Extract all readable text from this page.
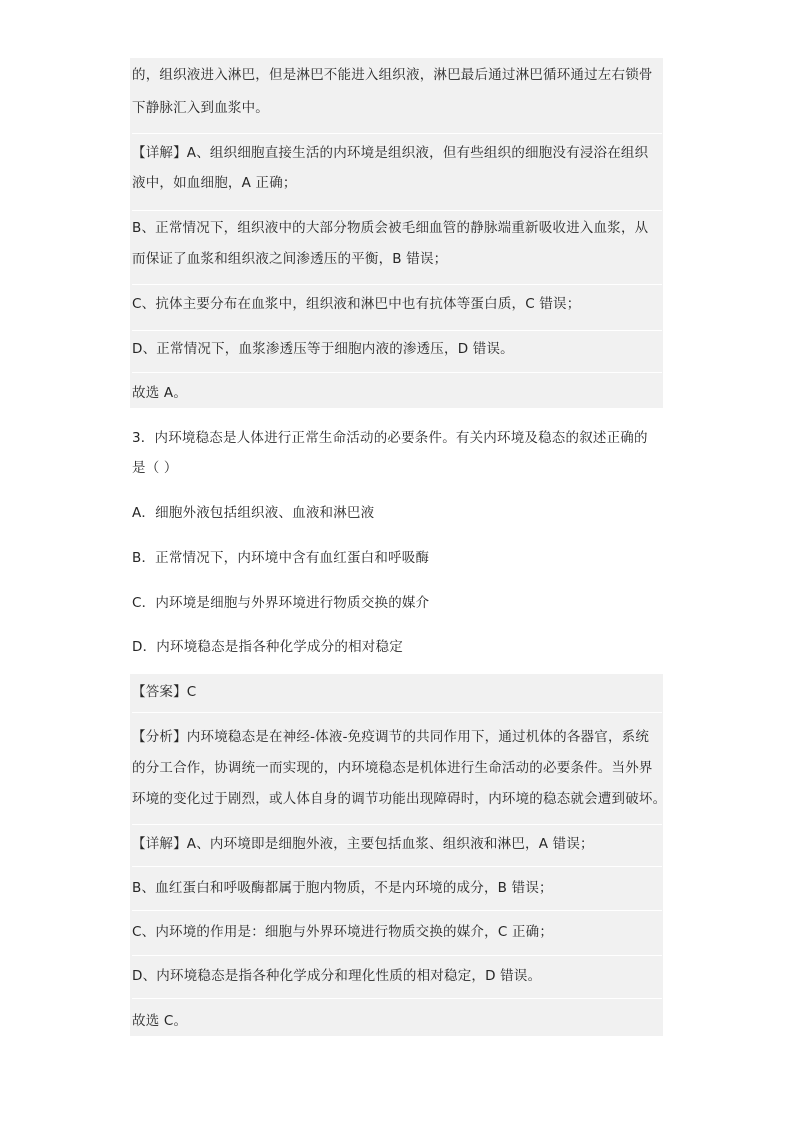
的，组织液进入淋巴，但是淋巴不能进入组织液，淋巴最后通过淋巴循环通过左右锁骨
下静脉汇入到血浆中。
【详解】A、组织细胞直接生活的内环境是组织液，但有些组织的细胞没有浸浴在组织
液中，如血细胞，A 正确；
B、正常情况下，组织液中的大部分物质会被毛细血管的静脉端重新吸收进入血浆，从
而保证了血浆和组织液之间渗透压的平衡，B 错误；
C、抗体主要分布在血浆中，组织液和淋巴中也有抗体等蛋白质，C 错误；
D、正常情况下，血浆渗透压等于细胞内液的渗透压，D 错误。
故选 A。
3．内环境稳态是人体进行正常生命活动的必要条件。有关内环境及稳态的叙述正确的
是（ ）
A．细胞外液包括组织液、血液和淋巴液
B．正常情况下，内环境中含有血红蛋白和呼吸酶
C．内环境是细胞与外界环境进行物质交换的媒介
D．内环境稳态是指各种化学成分的相对稳定
【答案】C
【分析】内环境稳态是在神经-体液-免疫调节的共同作用下，通过机体的各器官，系统
的分工合作，协调统一而实现的，内环境稳态是机体进行生命活动的必要条件。当外界
环境的变化过于剧烈，或人体自身的调节功能出现障碍时，内环境的稳态就会遭到破坏。
【详解】A、内环境即是细胞外液，主要包括血浆、组织液和淋巴，A 错误；
B、血红蛋白和呼吸酶都属于胞内物质，不是内环境的成分，B 错误；
C、内环境的作用是：细胞与外界环境进行物质交换的媒介，C 正确；
D、内环境稳态是指各种化学成分和理化性质的相对稳定，D 错误。
故选 C。
